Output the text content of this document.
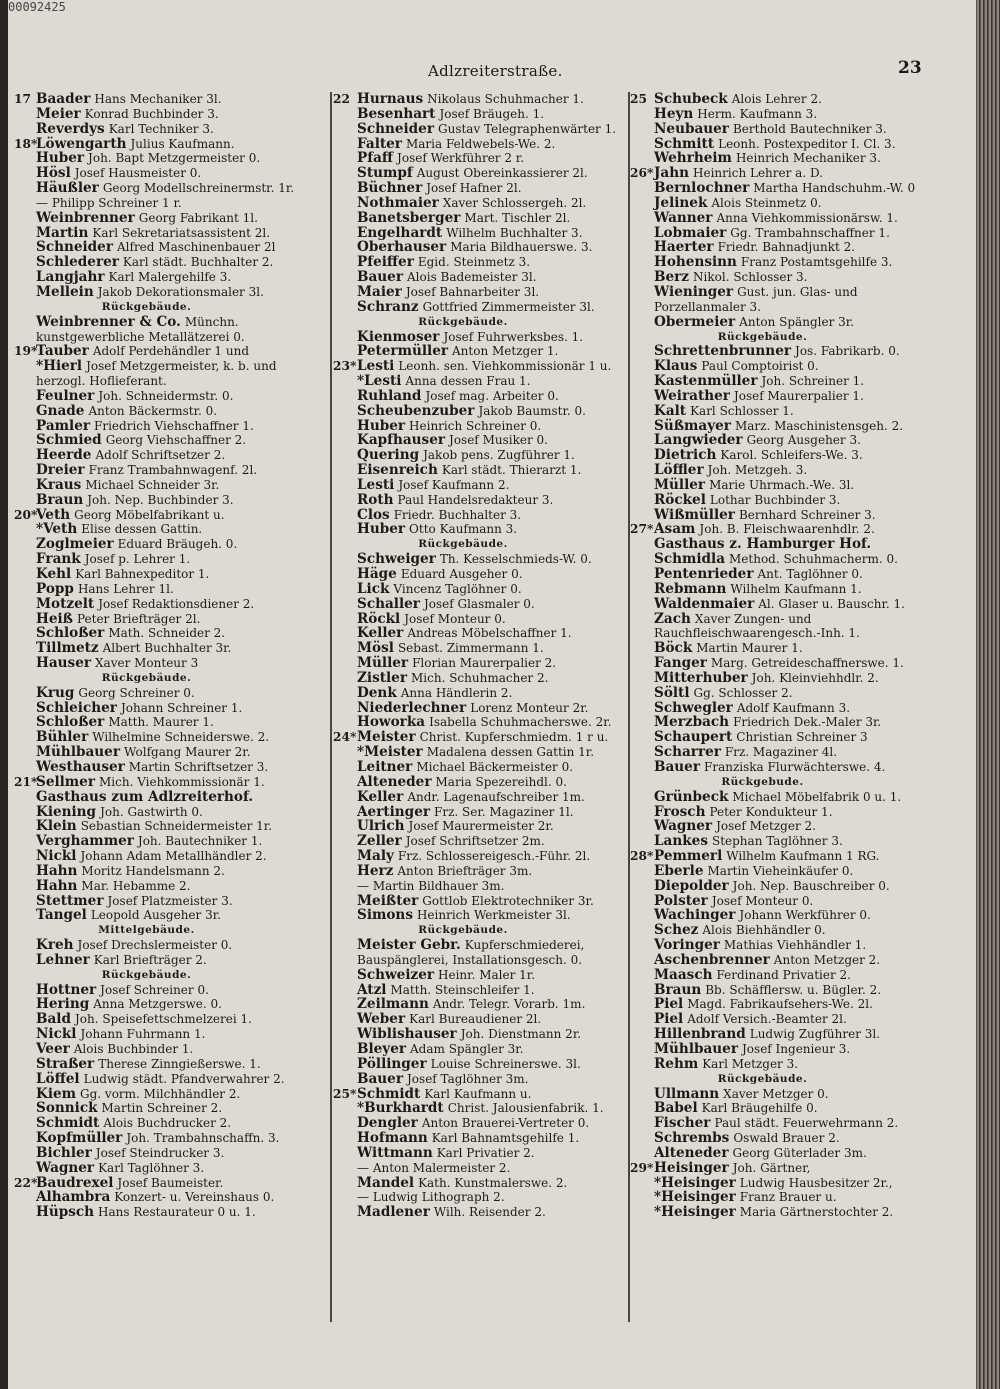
00092425
Adlzreiterstraße.	23
17 Baader Hans Mechaniker 3l.
Meier Konrad Buchbinder 3.
Reverdys Karl Techniker 3.
18*Löwengarth Julius Kaufmann.
Huber Joh. Bapt Metzgermeister 0.
Hösl Josef Hausmeister 0.
Häußler Georg Modellschreinermstr. 1r.
— Philipp Schreiner 1 r.
Weinbrenner Georg Fabrikant 1l.
Martin Karl Sekretariatsassistent 2l.
Schneider Alfred Maschinenbauer 2l
Schlederer Karl städt. Buchhalter 2.
Langjahr Karl Malergehilfe 3.
Mellein Jakob Dekorationsmaler 3l.
Rückgebäude.
Weinbrenner & Co. Münchn. kunstgewerbliche Metallätzerei 0.
19*Tauber Adolf Perdehändler 1 und
*Hierl Josef Metzgermeister, k. b. und herzogl. Hoflieferant.
Feulner Joh. Schneidermstr. 0.
Gnade Anton Bäckermstr. 0.
Pamler Friedrich Viehschaffner 1.
Schmied Georg Viehschaffner 2.
Heerde Adolf Schriftsetzer 2.
Dreier Franz Trambahnwagenf. 2l.
Kraus Michael Schneider 3r.
Braun Joh. Nep. Buchbinder 3.
20*Veth Georg Möbelfabrikant u.
*Veth Elise dessen Gattin.
Zoglmeier Eduard Bräugeh. 0.
Frank Josef p. Lehrer 1.
Kehl Karl Bahnexpeditor 1.
Popp Hans Lehrer 1l.
Motzelt Josef Redaktionsdiener 2.
Heiß Peter Briefträger 2l.
Schloßer Math. Schneider 2.
Tillmetz Albert Buchhalter 3r.
Hauser Xaver Monteur 3
Rückgebäude.
Krug Georg Schreiner 0.
Schleicher Johann Schreiner 1.
Schloßer Matth. Maurer 1.
Bühler Wilhelmine Schneiderswe. 2.
Mühlbauer Wolfgang Maurer 2r.
Westhauser Martin Schriftsetzer 3.
21*Sellmer Mich. Viehkommissionär 1.
Gasthaus zum Adlzreiterhof.
Kiening Joh. Gastwirth 0.
Klein Sebastian Schneidermeister 1r.
Verghammer Joh. Bautechniker 1.
Nickl Johann Adam Metallhändler 2.
Hahn Moritz Handelsmann 2.
Hahn Mar. Hebamme 2.
Stettmer Josef Platzmeister 3.
Tangel Leopold Ausgeher 3r.
Mittelgebäude.
Kreh Josef Drechslermeister 0.
Lehner Karl Briefträger 2.
Rückgebäude.
Hottner Josef Schreiner 0.
Hering Anna Metzgerswe. 0.
Bald Joh. Speisefettschmelzerei 1.
Nickl Johann Fuhrmann 1.
Veer Alois Buchbinder 1.
Straßer Therese Zinngießerswe. 1.
Löffel Ludwig städt. Pfandverwahrer 2.
Kiem Gg. vorm. Milchhändler 2.
Sonnick Martin Schreiner 2.
Schmidt Alois Buchdrucker 2.
Kopfmüller Joh. Trambahnschaffn. 3.
Bichler Josef Steindrucker 3.
Wagner Karl Taglöhner 3.
22*Baudrexel Josef Baumeister.
Alhambra Konzert- u. Vereinshaus 0.
Hüpsch Hans Restaurateur 0 u. 1.
22 Hurnaus Nikolaus Schuhmacher 1.
Besenhart Josef Bräugeh. 1.
Schneider Gustav Telegraphenwärter 1.
Falter Maria Feldwebels-We. 2.
Pfaff Josef Werkführer 2 r.
Stumpf August Obereinkassierer 2l.
Büchner Josef Hafner 2l.
Nothmaier Xaver Schlossergeh. 2l.
Banetsberger Mart. Tischler 2l.
Engelhardt Wilhelm Buchhalter 3.
Oberhauser Maria Bildhauerswe. 3.
Pfeiffer Egid. Steinmetz 3.
Bauer Alois Bademeister 3l.
Maier Josef Bahnarbeiter 3l.
Schranz Gottfried Zimmermeister 3l.
Rückgebäude.
Kienmoser Josef Fuhrwerksbes. 1.
Petermüller Anton Metzger 1.
23*Lesti Leonh. sen. Viehkommissionär 1 u.
*Lesti Anna dessen Frau 1.
Ruhland Josef mag. Arbeiter 0.
Scheubenzuber Jakob Baumstr. 0.
Huber Heinrich Schreiner 0.
Kapfhauser Josef Musiker 0.
Quering Jakob pens. Zugführer 1.
Eisenreich Karl städt. Thierarzt 1.
Lesti Josef Kaufmann 2.
Roth Paul Handelsredakteur 3.
Clos Friedr. Buchhalter 3.
Huber Otto Kaufmann 3.
Rückgebäude.
Schweiger Th. Kesselschmieds-W. 0.
Häge Eduard Ausgeher 0.
Lick Vincenz Taglöhner 0.
Schaller Josef Glasmaler 0.
Röckl Josef Monteur 0.
Keller Andreas Möbelschaffner 1.
Mösl Sebast. Zimmermann 1.
Müller Florian Maurerpalier 2.
Zistler Mich. Schuhmacher 2.
Denk Anna Händlerin 2.
Niederlechner Lorenz Monteur 2r.
Howorka Isabella Schuhmacherswe. 2r.
24*Meister Christ. Kupferschmiedm. 1 r u.
*Meister Madalena dessen Gattin 1r.
Leitner Michael Bäckermeister 0.
Alteneder Maria Spezereihdl. 0.
Keller Andr. Lagenaufschreiber 1m.
Aertinger Frz. Ser. Magaziner 1l.
Ulrich Josef Maurermeister 2r.
Zeller Josef Schriftsetzer 2m.
Maly Frz. Schlossereigesch.-Führ. 2l.
Herz Anton Briefträger 3m.
— Martin Bildhauer 3m.
Meißter Gottlob Elektrotechniker 3r.
Simons Heinrich Werkmeister 3l.
Rückgebäude.
Meister Gebr. Kupferschmiederei, Bauspänglerei, Installationsgesch. 0.
Schweizer Heinr. Maler 1r.
Atzl Matth. Steinschleifer 1.
Zeilmann Andr. Telegr. Vorarb. 1m.
Weber Karl Bureaudiener 2l.
Wiblishauser Joh. Dienstmann 2r.
Bleyer Adam Spängler 3r.
Pöllinger Louise Schreinerswe. 3l.
Bauer Josef Taglöhner 3m.
25*Schmidt Karl Kaufmann u.
*Burkhardt Christ. Jalousienfabrik. 1.
Dengler Anton Brauerei-Vertreter 0.
Hofmann Karl Bahnamtsgehilfe 1.
Wittmann Karl Privatier 2.
— Anton Malermeister 2.
Mandel Kath. Kunstmalerswe. 2.
— Ludwig Lithograph 2.
Madlener Wilh. Reisender 2.
25 Schubeck Alois Lehrer 2.
Heyn Herm. Kaufmann 3.
Neubauer Berthold Bautechniker 3.
Schmitt Leonh. Postexpeditor I. Cl. 3.
Wehrheim Heinrich Mechaniker 3.
26*Jahn Heinrich Lehrer a. D.
Bernlochner Martha Handschuhm.-W. 0
Jelinek Alois Steinmetz 0.
Wanner Anna Viehkommissionärsw. 1.
Lobmaier Gg. Trambahnschaffner 1.
Haerter Friedr. Bahnadjunkt 2.
Hohensinn Franz Postamtsgehilfe 3.
Berz Nikol. Schlosser 3.
Wieninger Gust. jun. Glas- und Porzellanmaler 3.
Obermeier Anton Spängler 3r.
Rückgebäude.
Schrettenbrunner Jos. Fabrikarb. 0.
Klaus Paul Comptoirist 0.
Kastenmüller Joh. Schreiner 1.
Weirather Josef Maurerpalier 1.
Kalt Karl Schlosser 1.
Süßmayer Marz. Maschinistensgeh. 2.
Langwieder Georg Ausgeher 3.
Dietrich Karol. Schleifers-We. 3.
Löffler Joh. Metzgeh. 3.
Müller Marie Uhrmach.-We. 3l.
Röckel Lothar Buchbinder 3.
Wißmüller Bernhard Schreiner 3.
27*Asam Joh. B. Fleischwaarenhdlr. 2.
Gasthaus z. Hamburger Hof.
Schmidla Method. Schuhmacherm. 0.
Pentenrieder Ant. Taglöhner 0.
Rebmann Wilhelm Kaufmann 1.
Waldenmaier Al. Glaser u. Bauschr. 1.
Zach Xaver Zungen- und Rauchfleischwaarengesch.-Inh. 1.
Böck Martin Maurer 1.
Fanger Marg. Getreideschaffnerswe. 1.
Mitterhuber Joh. Kleinviehhdlr. 2.
Söltl Gg. Schlosser 2.
Schwegler Adolf Kaufmann 3.
Merzbach Friedrich Dek.-Maler 3r.
Schaupert Christian Schreiner 3
Scharrer Frz. Magaziner 4l.
Bauer Franziska Flurwächterswe. 4.
Rückgebude.
Grünbeck Michael Möbelfabrik 0 u. 1.
Frosch Peter Kondukteur 1.
Wagner Josef Metzger 2.
Lankes Stephan Taglöhner 3.
28*Pemmerl Wilhelm Kaufmann 1 RG.
Eberle Martin Vieheinkäufer 0.
Diepolder Joh. Nep. Bauschreiber 0.
Polster Josef Monteur 0.
Wachinger Johann Werkführer 0.
Schez Alois Biehhändler 0.
Voringer Mathias Viehhändler 1.
Aschenbrenner Anton Metzger 2.
Maasch Ferdinand Privatier 2.
Braun Bb. Schäfflersw. u. Bügler. 2.
Piel Magd. Fabrikaufsehers-We. 2l.
Piel Adolf Versich.-Beamter 2l.
Hillenbrand Ludwig Zugführer 3l.
Mühlbauer Josef Ingenieur 3.
Rehm Karl Metzger 3.
Rückgebäude.
Ullmann Xaver Metzger 0.
Babel Karl Bräugehilfe 0.
Fischer Paul städt. Feuerwehrmann 2.
Schrembs Oswald Brauer 2.
Alteneder Georg Güterlader 3m.
29*Heisinger Joh. Gärtner,
*Heisinger Ludwig Hausbesitzer 2r.,
*Heisinger Franz Brauer u.
*Heisinger Maria Gärtnerstochter 2.
